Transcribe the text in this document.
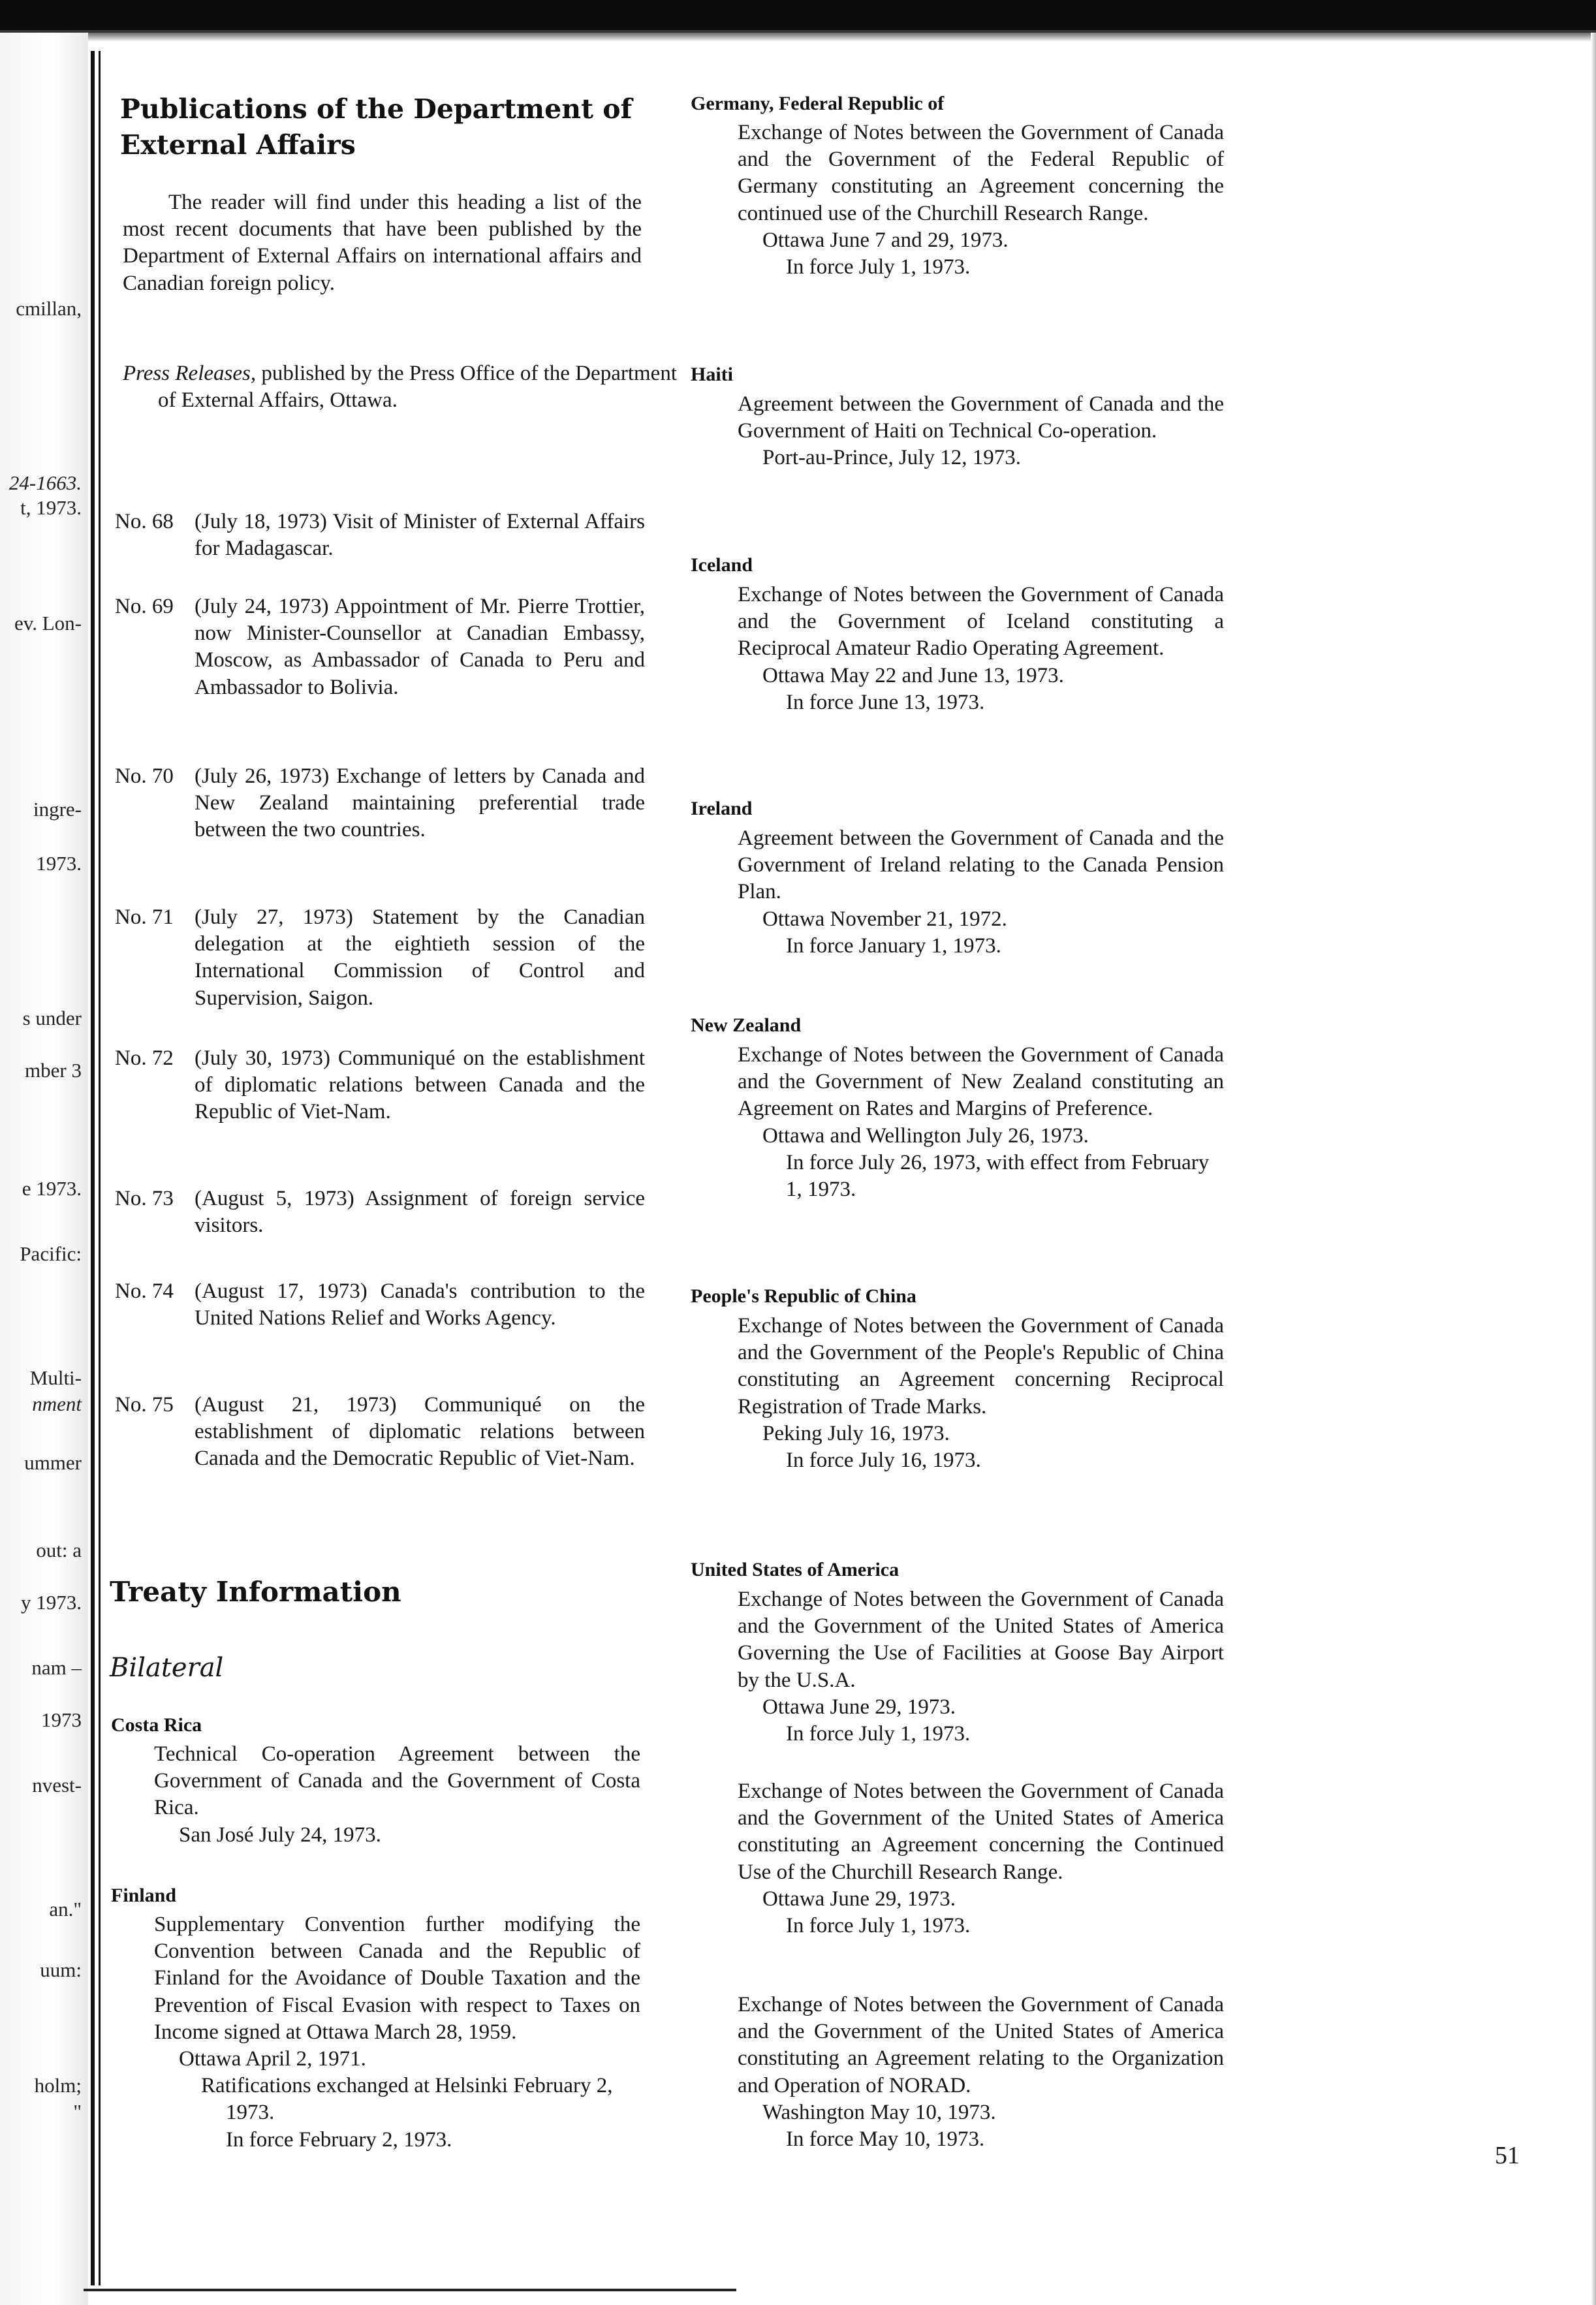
cmillan,
24-1663.
t, 1973.
ev. Lon-
ingre-
1973.
s under
mber 3
e 1973.
Pacific:
Multi-
nment
ummer
out: a
y 1973.
nam –
1973
nvest-
an."
uum:
holm;
"
Publications of the Department of External Affairs
The reader will find under this heading a list of the most recent documents that have been published by the Department of External Affairs on international affairs and Canadian foreign policy.
Press Releases, published by the Press Office of the Department of External Affairs, Ottawa.
No. 68 (July 18, 1973) Visit of Minister of External Affairs for Madagascar.
No. 69 (July 24, 1973) Appointment of Mr. Pierre Trottier, now Minister-Counsellor at Canadian Embassy, Moscow, as Ambassador of Canada to Peru and Ambassador to Bolivia.
No. 70 (July 26, 1973) Exchange of letters by Canada and New Zealand maintaining preferential trade between the two countries.
No. 71 (July 27, 1973) Statement by the Canadian delegation at the eightieth session of the International Commission of Control and Supervision, Saigon.
No. 72 (July 30, 1973) Communiqué on the establishment of diplomatic relations between Canada and the Republic of Viet-Nam.
No. 73 (August 5, 1973) Assignment of foreign service visitors.
No. 74 (August 17, 1973) Canada's contribution to the United Nations Relief and Works Agency.
No. 75 (August 21, 1973) Communiqué on the establishment of diplomatic relations between Canada and the Democratic Republic of Viet-Nam.
Treaty Information
Bilateral
Costa Rica
Technical Co-operation Agreement between the Government of Canada and the Government of Costa Rica.
San José July 24, 1973.
Finland
Supplementary Convention further modifying the Convention between Canada and the Republic of Finland for the Avoidance of Double Taxation and the Prevention of Fiscal Evasion with respect to Taxes on Income signed at Ottawa March 28, 1959.
Ottawa April 2, 1971.
Ratifications exchanged at Helsinki February 2, 1973.
In force February 2, 1973.
Germany, Federal Republic of
Exchange of Notes between the Government of Canada and the Government of the Federal Republic of Germany constituting an Agreement concerning the continued use of the Churchill Research Range.
Ottawa June 7 and 29, 1973.
In force July 1, 1973.
Haiti
Agreement between the Government of Canada and the Government of Haiti on Technical Co-operation.
Port-au-Prince, July 12, 1973.
Iceland
Exchange of Notes between the Government of Canada and the Government of Iceland constituting a Reciprocal Amateur Radio Operating Agreement.
Ottawa May 22 and June 13, 1973.
In force June 13, 1973.
Ireland
Agreement between the Government of Canada and the Government of Ireland relating to the Canada Pension Plan.
Ottawa November 21, 1972.
In force January 1, 1973.
New Zealand
Exchange of Notes between the Government of Canada and the Government of New Zealand constituting an Agreement on Rates and Margins of Preference.
Ottawa and Wellington July 26, 1973.
In force July 26, 1973, with effect from February 1, 1973.
People's Republic of China
Exchange of Notes between the Government of Canada and the Government of the People's Republic of China constituting an Agreement concerning Reciprocal Registration of Trade Marks.
Peking July 16, 1973.
In force July 16, 1973.
United States of America
Exchange of Notes between the Government of Canada and the Government of the United States of America Governing the Use of Facilities at Goose Bay Airport by the U.S.A.
Ottawa June 29, 1973.
In force July 1, 1973.
Exchange of Notes between the Government of Canada and the Government of the United States of America constituting an Agreement concerning the Continued Use of the Churchill Research Range.
Ottawa June 29, 1973.
In force July 1, 1973.
Exchange of Notes between the Government of Canada and the Government of the United States of America constituting an Agreement relating to the Organization and Operation of NORAD.
Washington May 10, 1973.
In force May 10, 1973.
51
